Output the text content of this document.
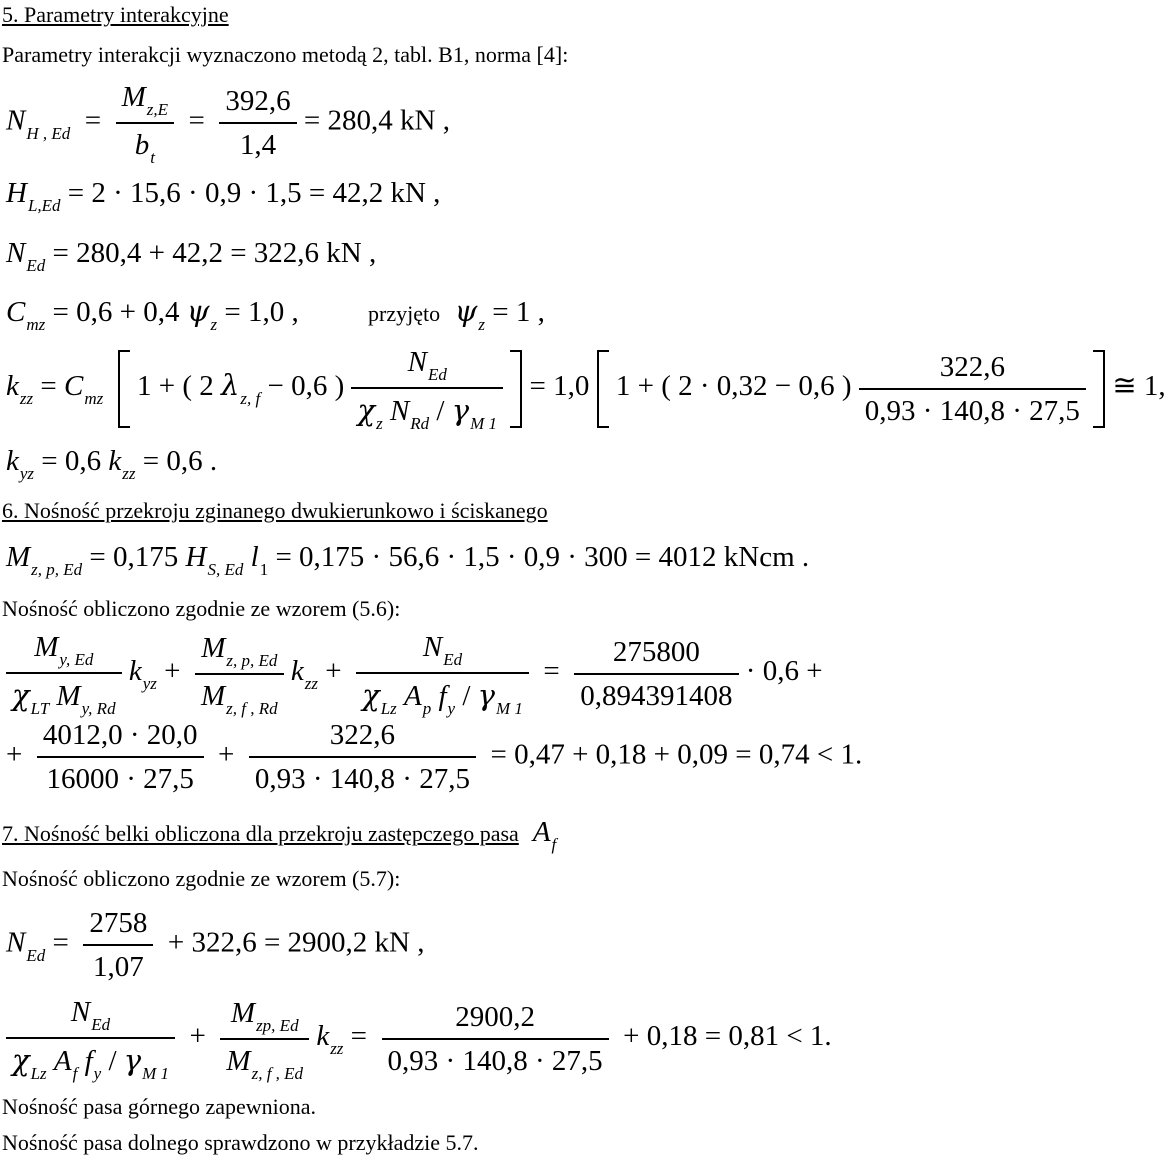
5. Parametry interakcyjne
Parametry interakcji wyznaczono metodą 2, tabl. B1, norma [4]:
$N_{H , Ed} = \frac{M_{z,E}}{b_t} = \frac{392,6}{1,4} = 280,4$ kN ,
$H_{L,Ed} = 2 \cdot 15,6 \cdot 0,9 \cdot 1,5 = 42,2$ kN ,
$N_{Ed} = 280,4 + 42,2 = 322,6$ kN ,
$C_{mz} = 0,6 + 0,4$ $\psi_z = 1,0$ ,	przyjęto $\psi_z = 1$ ,
$k_{zz} = C_{mz}$ 1 + ( 2 $\lambda_{z, f} - 0,6$ ) $\frac{N_{Ed}}{\chi_z N_{Rd} / \gamma_{M 1}} = 1,0$ 1 + ( 2 · 0,32 − 0,6 ) $\frac{322,6}{0,93 \cdot 140,8 \cdot 27,5}$ ≅ 1,
$k_{yz} = 0,6$ $k_{zz} = 0,6$ .
6. Nośność przekroju zginanego dwukierunkowo i ściskanego
$M_{z, p, Ed} = 0,175$ $H_{S, Ed}$ $l_1 = 0,175 \cdot 56,6 \cdot 1,5 \cdot 0,9 \cdot 300 = 4012$ kNcm .
Nośność obliczono zgodnie ze wzorem (5.6):
$\frac{M_{y, Ed}}{\chi_{LT} M_{y, Rd}} k_{yz} + \frac{M_{z, p, Ed}}{M_{z, f , Rd}} k_{zz} + \frac{N_{Ed}}{\chi_{Lz} A_p f_y / \gamma_{M 1}} = \frac{275800}{0,894391408} \cdot 0,6$ +
+ $\frac{4012,0 \cdot 20,0}{16000 \cdot 27,5} + \frac{322,6}{0,93 \cdot 140,8 \cdot 27,5} = 0,47 + 0,18 + 0,09 = 0,74 < 1$.
7. Nośność belki obliczona dla przekroju zastępczego pasa $A_f$
Nośność obliczono zgodnie ze wzorem (5.7):
$N_{Ed} = \frac{2758}{1,07} + 322,6 = 2900,2$ kN ,
$\frac{N_{Ed}}{\chi_{Lz} A_f f_y / \gamma_{M 1}} + \frac{M_{zp, Ed}}{M_{z, f , Ed}} k_{zz} = \frac{2900,2}{0,93 \cdot 140,8 \cdot 27,5} + 0,18 = 0,81 < 1$.
Nośność pasa górnego zapewniona.
Nośność pasa dolnego sprawdzono w przykładzie 5.7.
